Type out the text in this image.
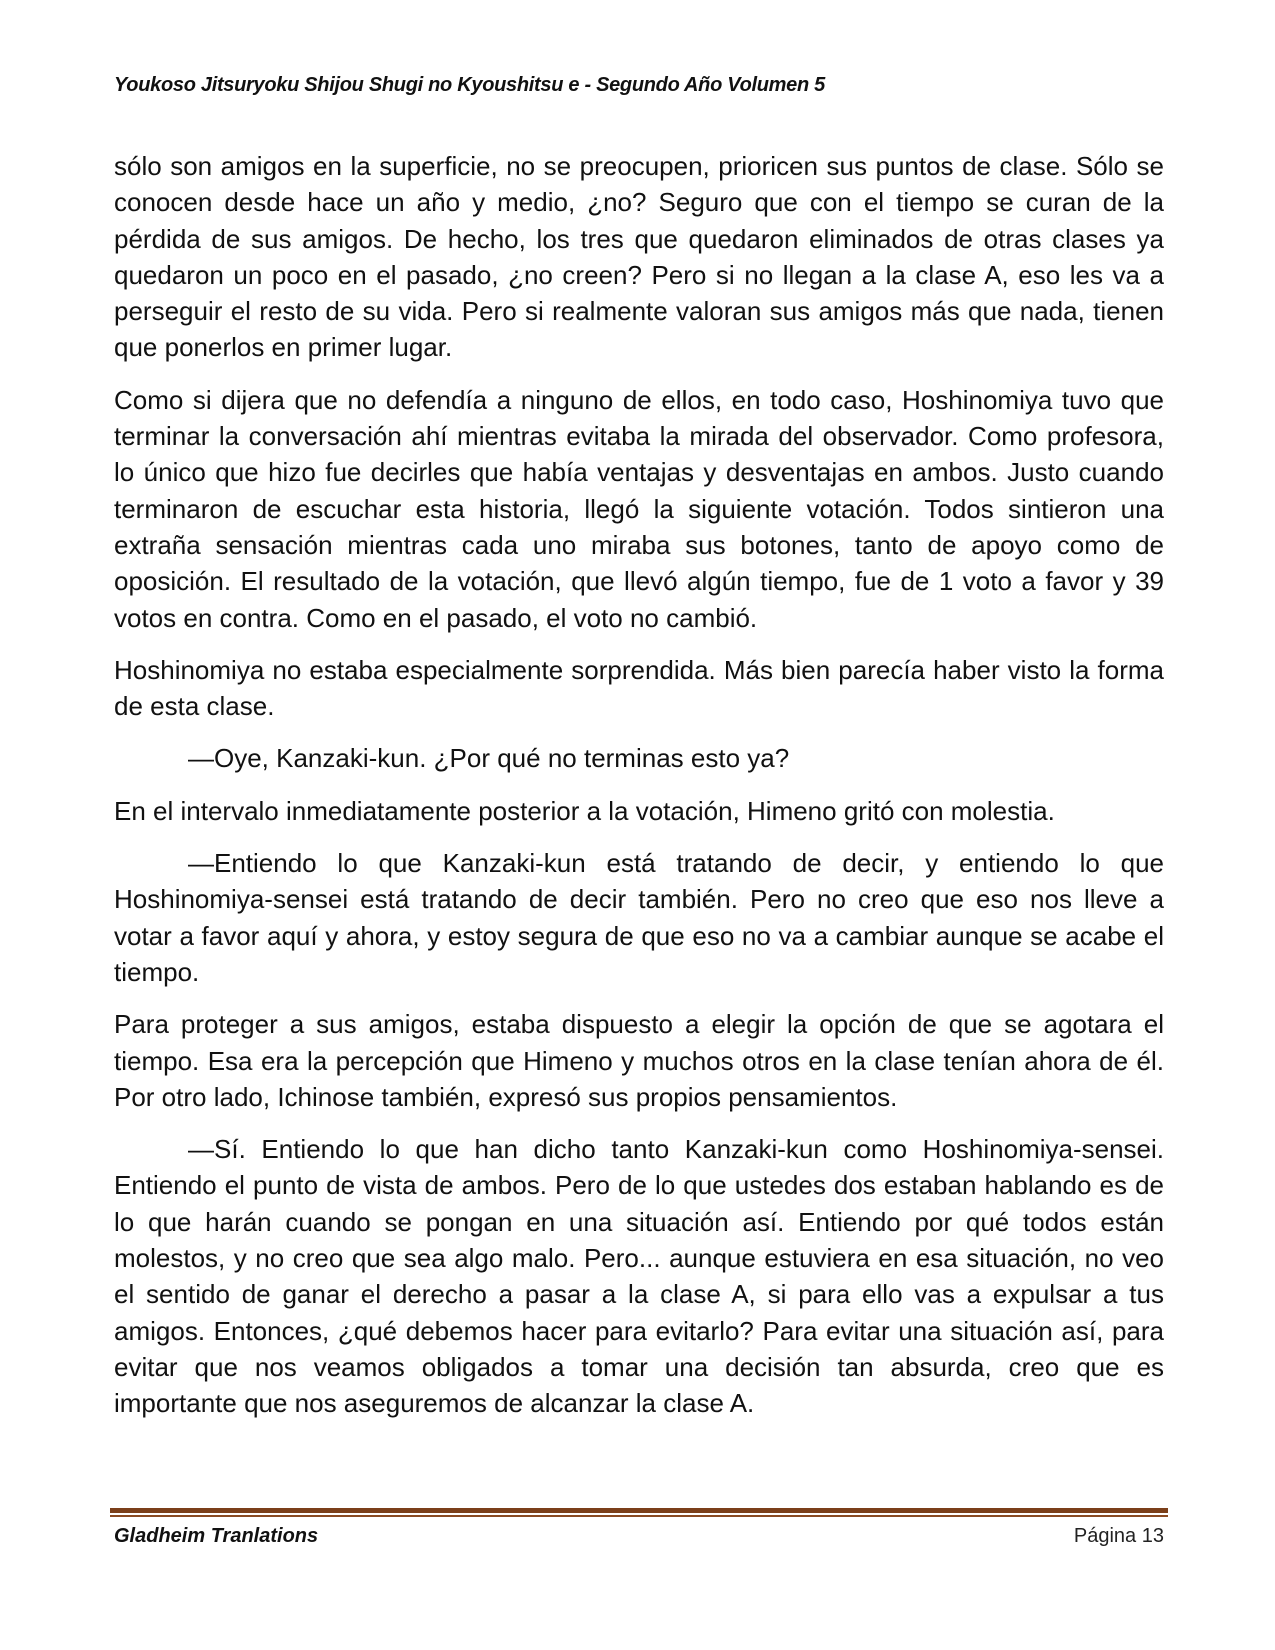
Youkoso Jitsuryoku Shijou Shugi no Kyoushitsu e - Segundo Año Volumen 5

sólo son amigos en la superficie, no se preocupen, prioricen sus puntos de clase. Sólo se conocen desde hace un año y medio, ¿no? Seguro que con el tiempo se curan de la pérdida de sus amigos. De hecho, los tres que quedaron eliminados de otras clases ya quedaron un poco en el pasado, ¿no creen? Pero si no llegan a la clase A, eso les va a perseguir el resto de su vida. Pero si realmente valoran sus amigos más que nada, tienen que ponerlos en primer lugar.

Como si dijera que no defendía a ninguno de ellos, en todo caso, Hoshinomiya tuvo que terminar la conversación ahí mientras evitaba la mirada del observador. Como profesora, lo único que hizo fue decirles que había ventajas y desventajas en ambos. Justo cuando terminaron de escuchar esta historia, llegó la siguiente votación. Todos sintieron una extraña sensación mientras cada uno miraba sus botones, tanto de apoyo como de oposición. El resultado de la votación, que llevó algún tiempo, fue de 1 voto a favor y 39 votos en contra. Como en el pasado, el voto no cambió.

Hoshinomiya no estaba especialmente sorprendida. Más bien parecía haber visto la forma de esta clase.

—Oye, Kanzaki-kun. ¿Por qué no terminas esto ya?

En el intervalo inmediatamente posterior a la votación, Himeno gritó con molestia.

—Entiendo lo que Kanzaki-kun está tratando de decir, y entiendo lo que Hoshinomiya-sensei está tratando de decir también. Pero no creo que eso nos lleve a votar a favor aquí y ahora, y estoy segura de que eso no va a cambiar aunque se acabe el tiempo.

Para proteger a sus amigos, estaba dispuesto a elegir la opción de que se agotara el tiempo. Esa era la percepción que Himeno y muchos otros en la clase tenían ahora de él. Por otro lado, Ichinose también, expresó sus propios pensamientos.

—Sí. Entiendo lo que han dicho tanto Kanzaki-kun como Hoshinomiya-sensei. Entiendo el punto de vista de ambos. Pero de lo que ustedes dos estaban hablando es de lo que harán cuando se pongan en una situación así. Entiendo por qué todos están molestos, y no creo que sea algo malo. Pero... aunque estuviera en esa situación, no veo el sentido de ganar el derecho a pasar a la clase A, si para ello vas a expulsar a tus amigos. Entonces, ¿qué debemos hacer para evitarlo? Para evitar una situación así, para evitar que nos veamos obligados a tomar una decisión tan absurda, creo que es importante que nos aseguremos de alcanzar la clase A.

Gladheim Tranlations	Página 13
